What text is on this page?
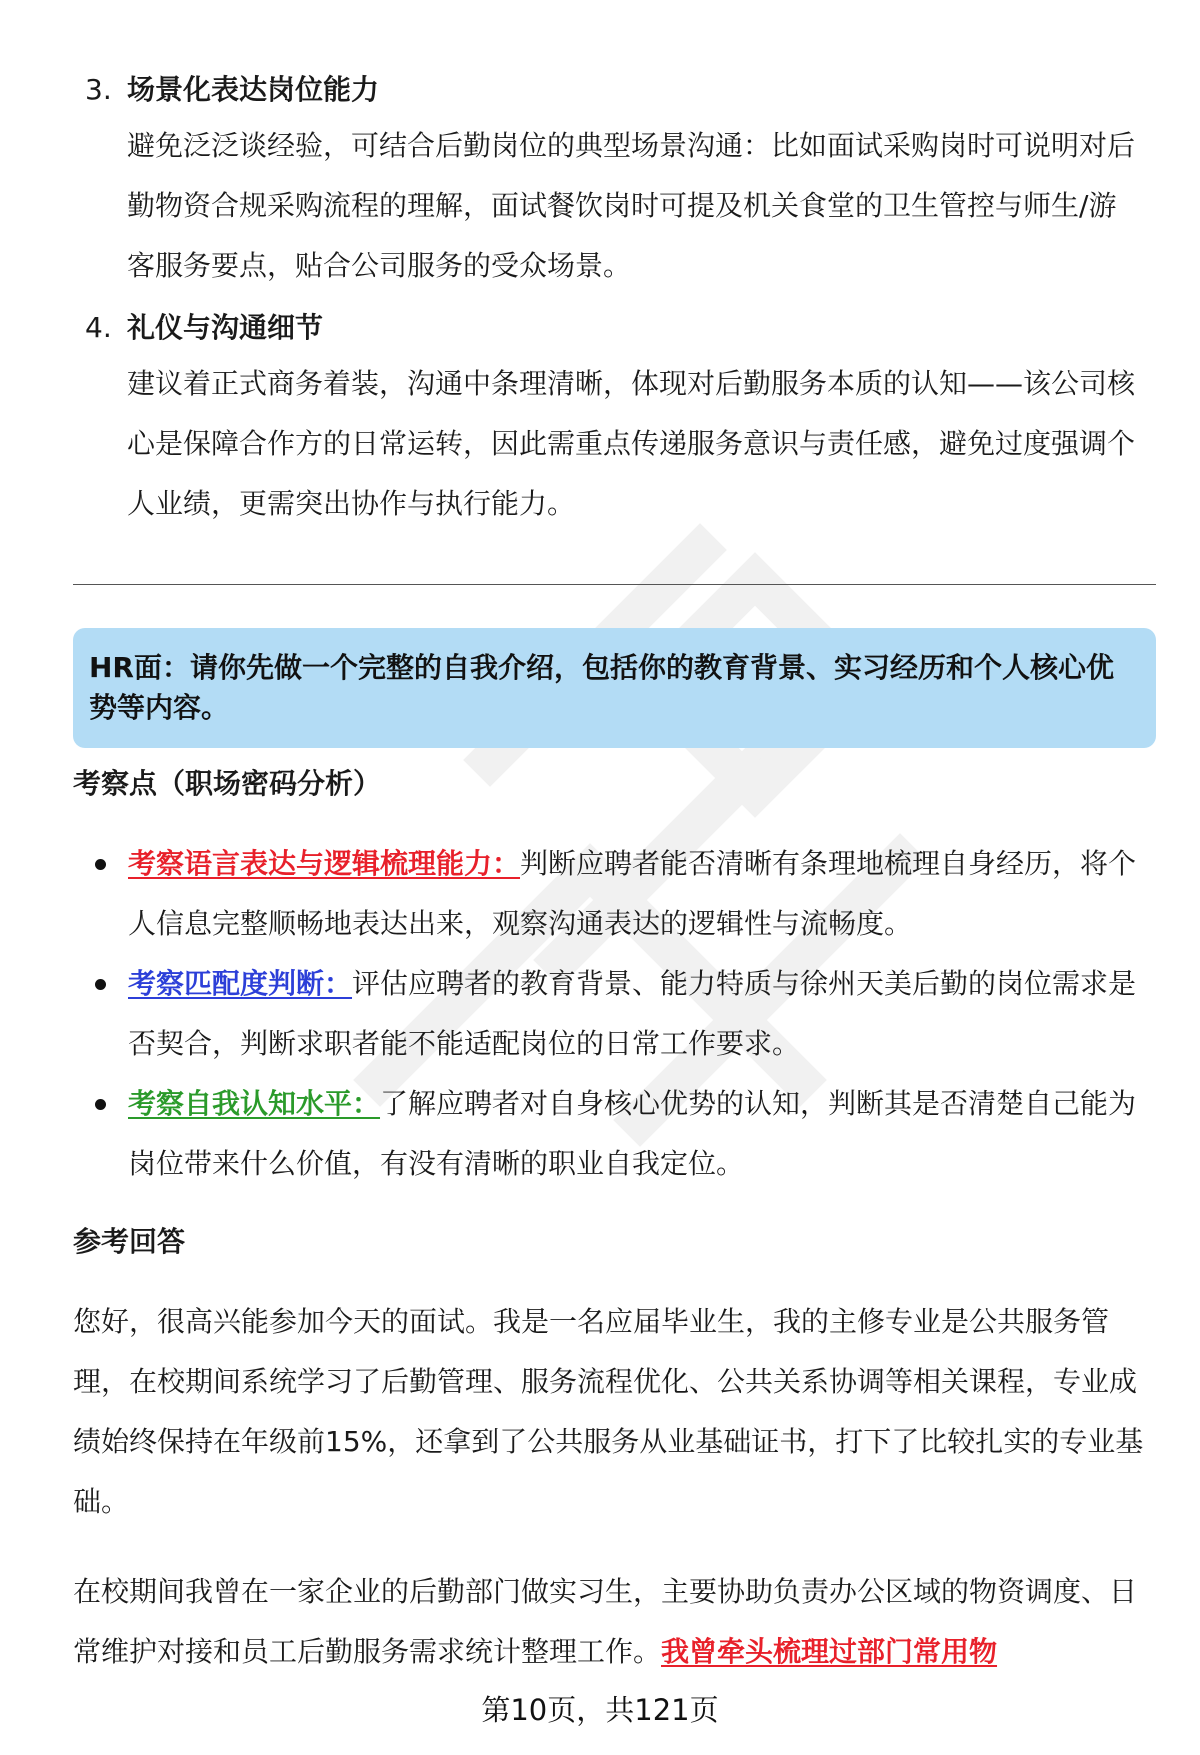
3. 场景化表达岗位能力
避免泛泛谈经验，可结合后勤岗位的典型场景沟通：比如面试采购岗时可说明对后勤物资合规采购流程的理解，面试餐饮岗时可提及机关食堂的卫生管控与师生/游客服务要点，贴合公司服务的受众场景。
4. 礼仪与沟通细节
建议着正式商务着装，沟通中条理清晰，体现对后勤服务本质的认知——该公司核心是保障合作方的日常运转，因此需重点传递服务意识与责任感，避免过度强调个人业绩，更需突出协作与执行能力。
HR面：请你先做一个完整的自我介绍，包括你的教育背景、实习经历和个人核心优势等内容。
考察点（职场密码分析）
考察语言表达与逻辑梳理能力：判断应聘者能否清晰有条理地梳理自身经历，将个人信息完整顺畅地表达出来，观察沟通表达的逻辑性与流畅度。
考察匹配度判断：评估应聘者的教育背景、能力特质与徐州天美后勤的岗位需求是否契合，判断求职者能不能适配岗位的日常工作要求。
考察自我认知水平：了解应聘者对自身核心优势的认知，判断其是否清楚自己能为岗位带来什么价值，有没有清晰的职业自我定位。
参考回答
您好，很高兴能参加今天的面试。我是一名应届毕业生，我的主修专业是公共服务管理，在校期间系统学习了后勤管理、服务流程优化、公共关系协调等相关课程，专业成绩始终保持在年级前15%，还拿到了公共服务从业基础证书，打下了比较扎实的专业基础。
在校期间我曾在一家企业的后勤部门做实习生，主要协助负责办公区域的物资调度、日常维护对接和员工后勤服务需求统计整理工作。我曾牵头梳理过部门常用物
第10页，共121页
